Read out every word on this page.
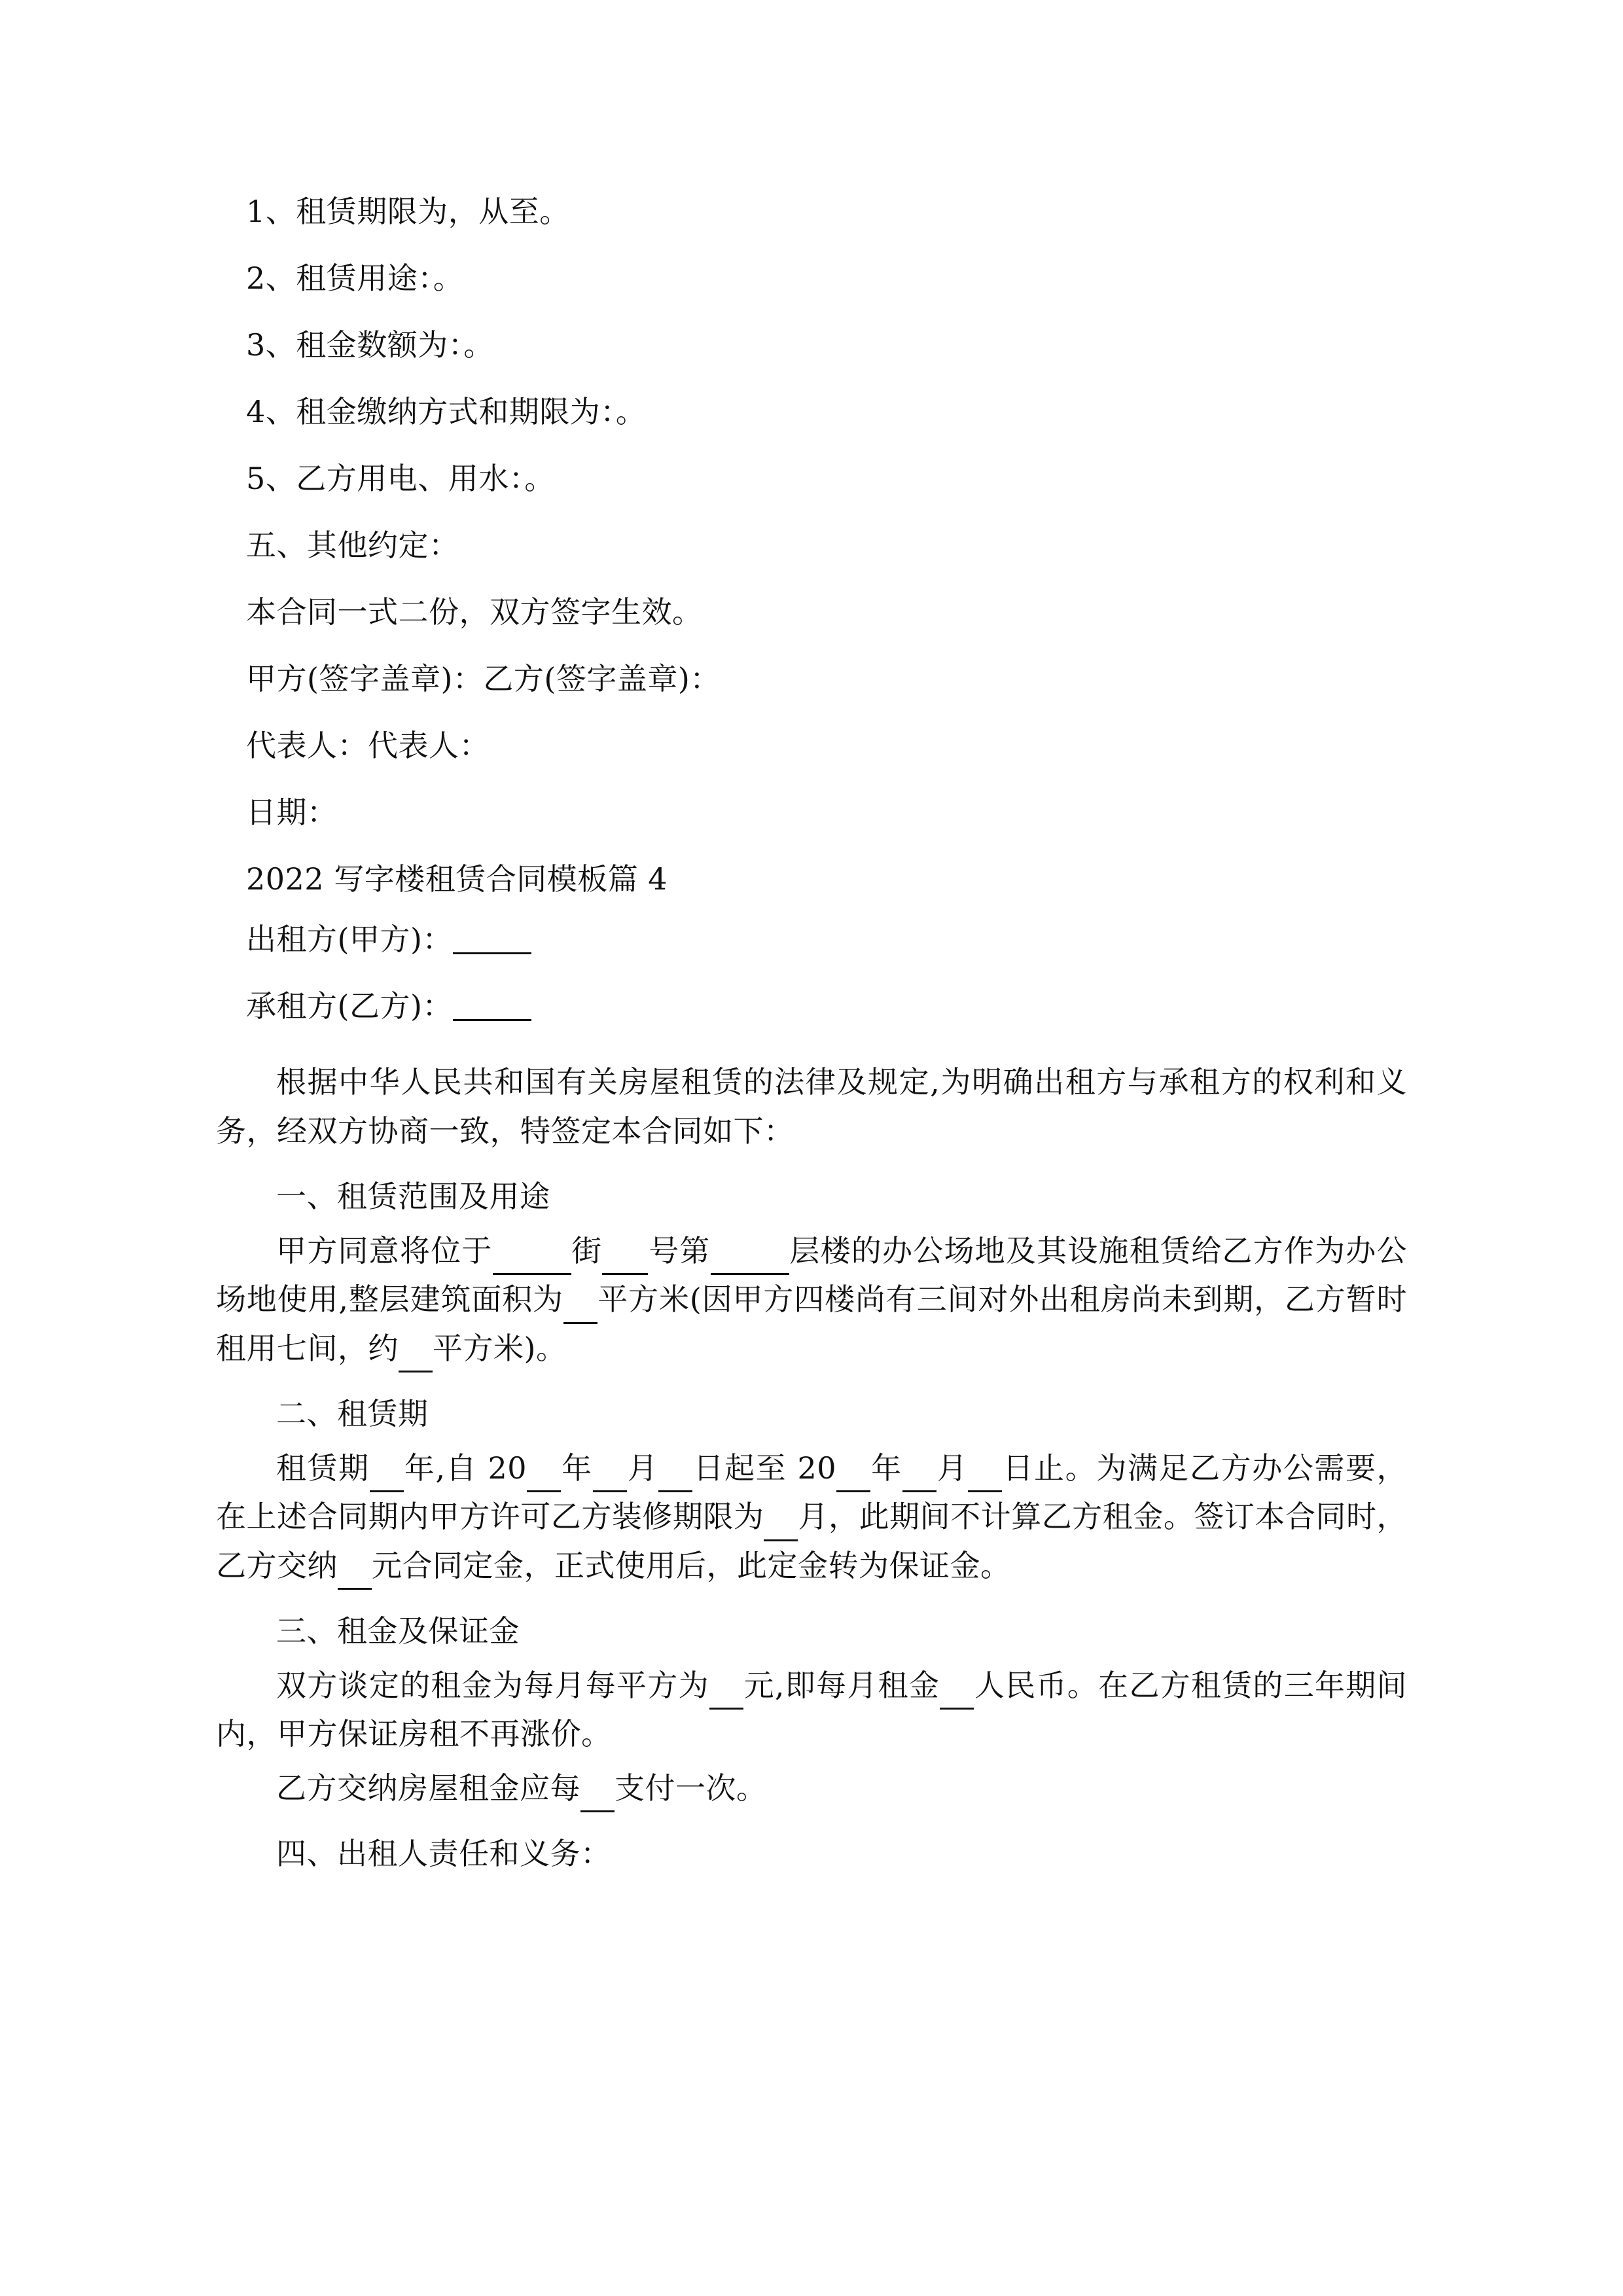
1、租赁期限为，从至。

2、租赁用途：。

3、租金数额为：。

4、租金缴纳方式和期限为：。

5、乙方用电、用水：。

五、其他约定：

本合同一式二份，双方签字生效。

甲方(签字盖章)：乙方(签字盖章)：

代表人：代表人：

日期：

2022 写字楼租赁合同模板篇 4

出租方(甲方)：

承租方(乙方)：

根据中华人民共和国有关房屋租赁的法律及规定,为明确出租方与承租方的权利和义务，经双方协商一致，特签定本合同如下：

一、租赁范围及用途

甲方同意将位于	街 号第	层楼的办公场地及其设施租赁给乙方作为办公场地使用,整层建筑面积为 平方米(因甲方四楼尚有三间对外出租房尚未到期，乙方暂时租用七间，约 平方米)。

二、租赁期

租赁期 年,自 20 年 月 日起至 20 年 月 日止。为满足乙方办公需要，在上述合同期内甲方许可乙方装修期限为 月，此期间不计算乙方租金。签订本合同时，乙方交纳 元合同定金，正式使用后，此定金转为保证金。

三、租金及保证金

双方谈定的租金为每月每平方为 元,即每月租金 人民币。在乙方租赁的三年期间内，甲方保证房租不再涨价。

乙方交纳房屋租金应每 支付一次。

四、出租人责任和义务：
